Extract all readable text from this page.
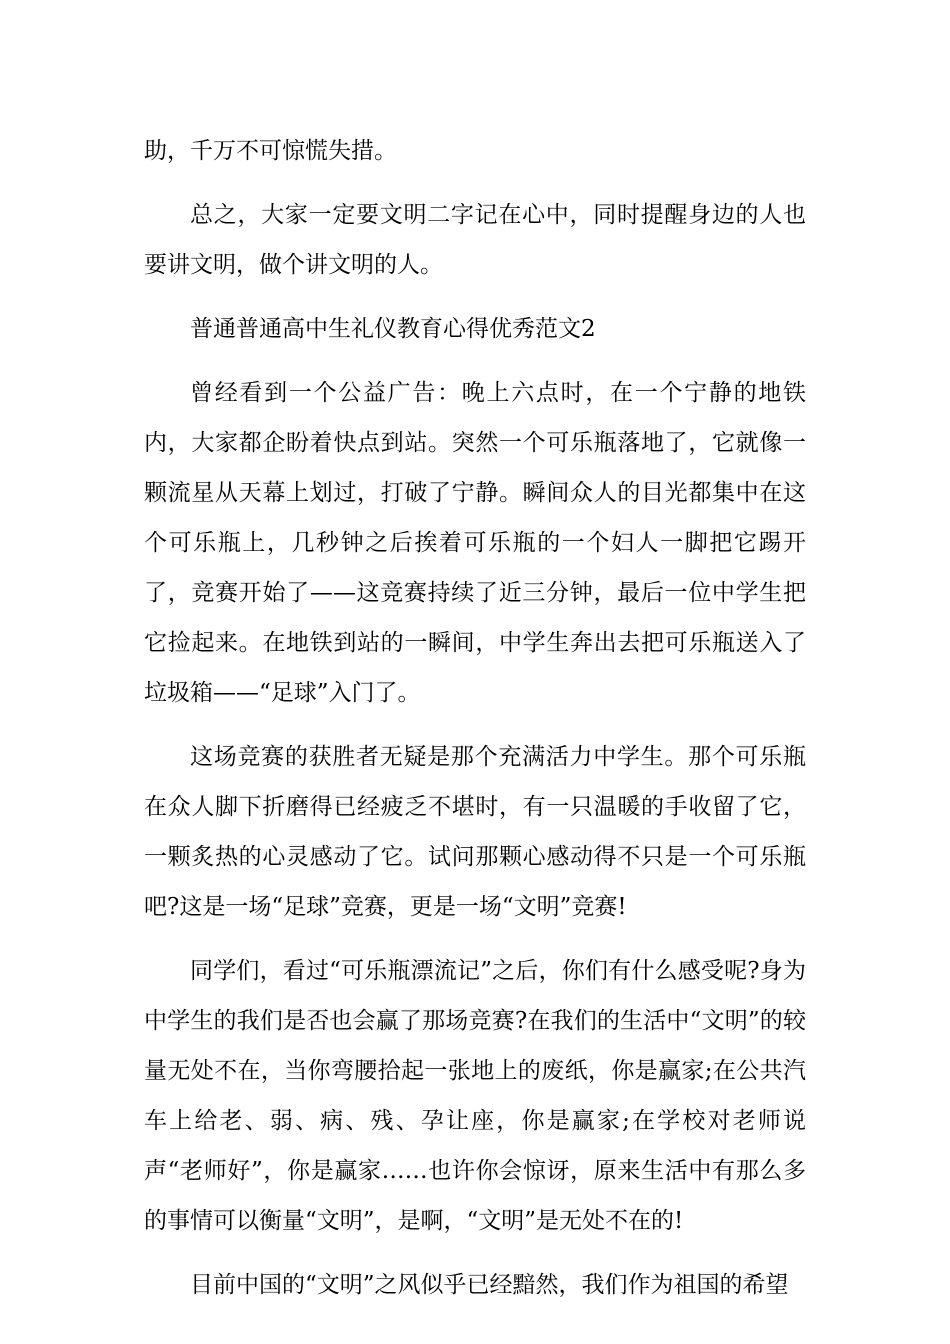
助，千万不可惊慌失措。

总之，大家一定要文明二字记在心中，同时提醒身边的人也要讲文明，做个讲文明的人。

普通普通高中生礼仪教育心得优秀范文2

曾经看到一个公益广告：晚上六点时，在一个宁静的地铁内，大家都企盼着快点到站。突然一个可乐瓶落地了，它就像一颗流星从天幕上划过，打破了宁静。瞬间众人的目光都集中在这个可乐瓶上，几秒钟之后挨着可乐瓶的一个妇人一脚把它踢开了，竞赛开始了——这竞赛持续了近三分钟，最后一位中学生把它捡起来。在地铁到站的一瞬间，中学生奔出去把可乐瓶送入了垃圾箱——“足球”入门了。

这场竞赛的获胜者无疑是那个充满活力中学生。那个可乐瓶在众人脚下折磨得已经疲乏不堪时，有一只温暖的手收留了它，一颗炙热的心灵感动了它。试问那颗心感动得不只是一个可乐瓶吧?这是一场“足球”竞赛，更是一场“文明”竞赛!

同学们，看过“可乐瓶漂流记”之后，你们有什么感受呢?身为中学生的我们是否也会赢了那场竞赛?在我们的生活中“文明”的较量无处不在，当你弯腰拾起一张地上的废纸，你是赢家;在公共汽车上给老、弱、病、残、孕让座，你是赢家;在学校对老师说声“老师好”，你是赢家……也许你会惊讶，原来生活中有那么多的事情可以衡量“文明”，是啊，“文明”是无处不在的!

目前中国的“文明”之风似乎已经黯然，我们作为祖国的希望
